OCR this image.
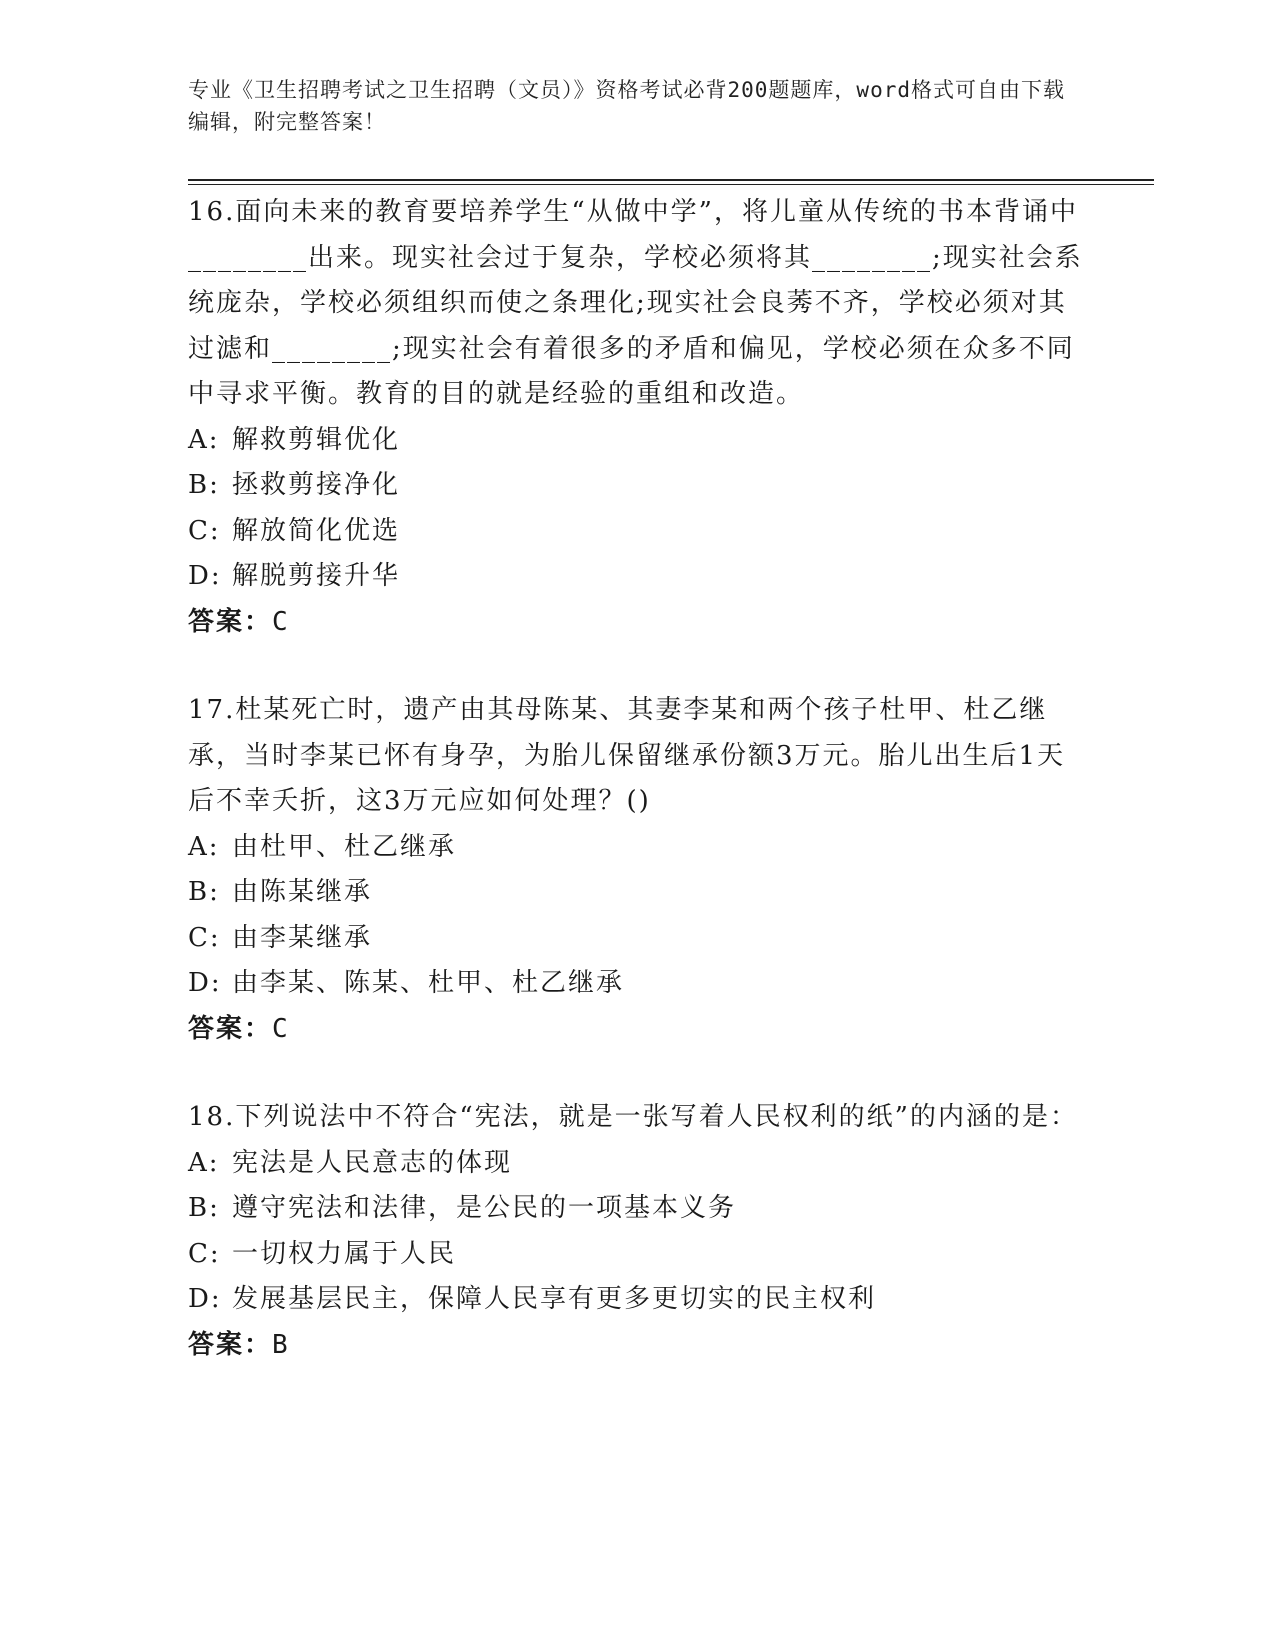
专业《卫生招聘考试之卫生招聘（文员）》资格考试必背200题题库，word格式可自由下载编辑，附完整答案！
16.面向未来的教育要培养学生“从做中学”，将儿童从传统的书本背诵中________出来。现实社会过于复杂，学校必须将其________;现实社会系统庞杂，学校必须组织而使之条理化;现实社会良莠不齐，学校必须对其过滤和________;现实社会有着很多的矛盾和偏见，学校必须在众多不同中寻求平衡。教育的目的就是经验的重组和改造。
A: 解救剪辑优化
B: 拯救剪接净化
C: 解放简化优选
D: 解脱剪接升华
答案：C
17.杜某死亡时，遗产由其母陈某、其妻李某和两个孩子杜甲、杜乙继承，当时李某已怀有身孕，为胎儿保留继承份额3万元。胎儿出生后1天后不幸夭折，这3万元应如何处理？()
A: 由杜甲、杜乙继承
B: 由陈某继承
C: 由李某继承
D: 由李某、陈某、杜甲、杜乙继承
答案：C
18.下列说法中不符合“宪法，就是一张写着人民权利的纸”的内涵的是：
A: 宪法是人民意志的体现
B: 遵守宪法和法律，是公民的一项基本义务
C: 一切权力属于人民
D: 发展基层民主，保障人民享有更多更切实的民主权利
答案：B
